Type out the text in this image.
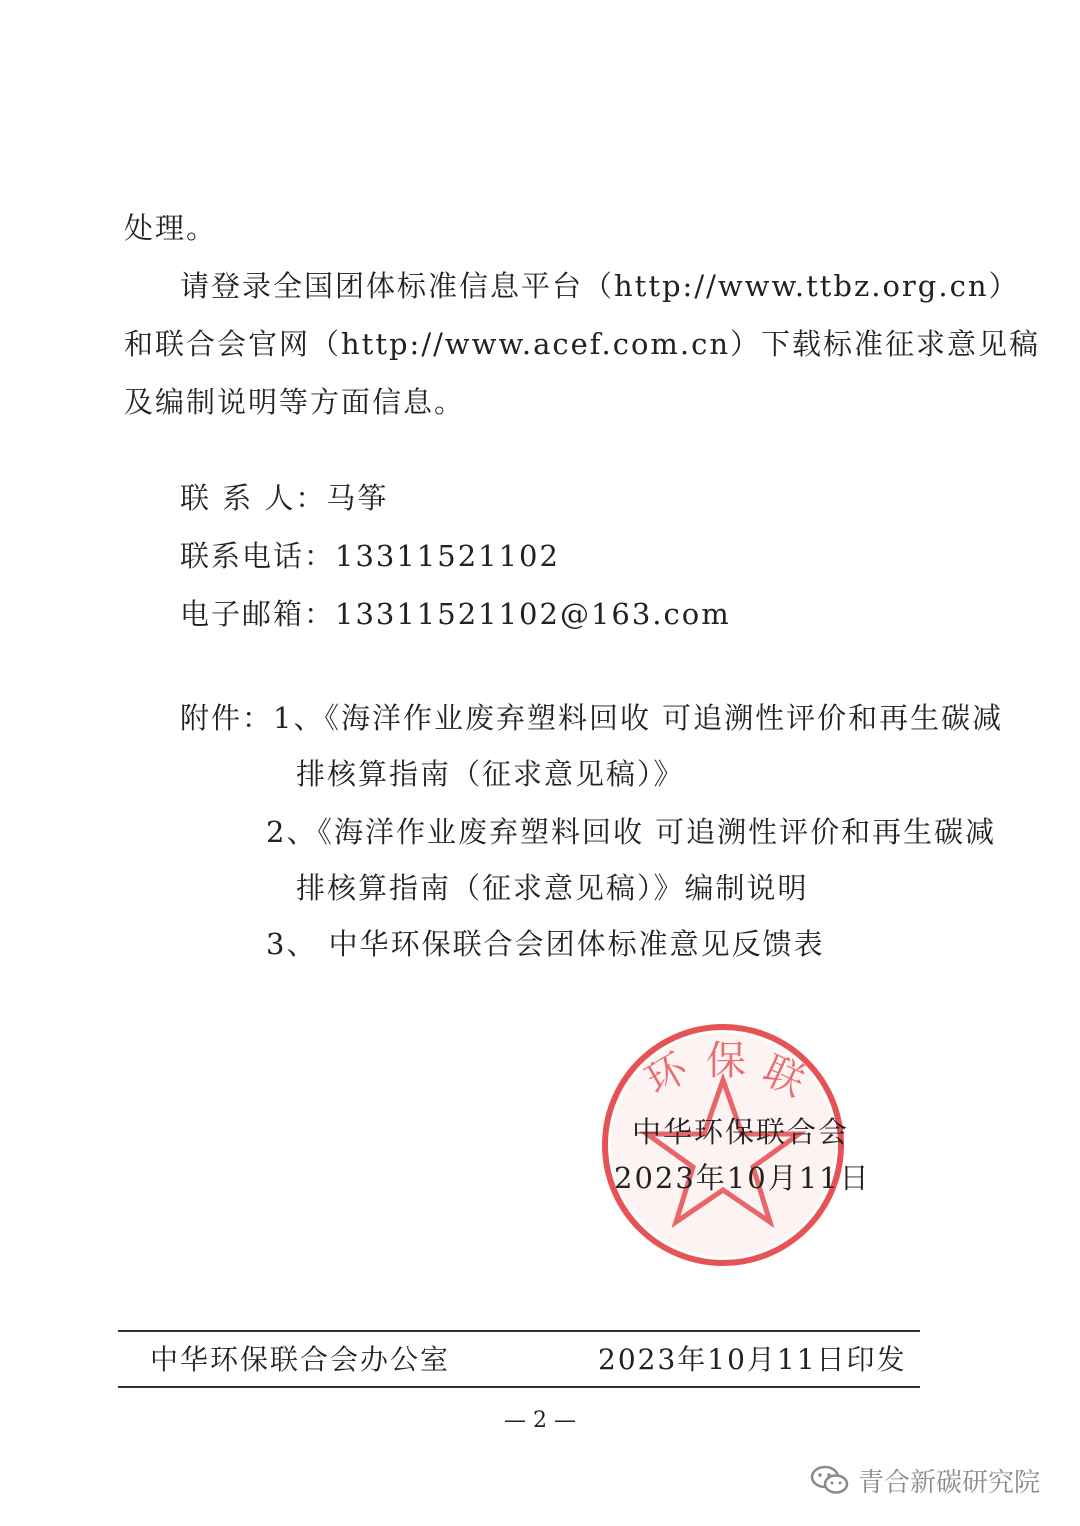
处理。
请登录全国团体标准信息平台（http://www.ttbz.org.cn）
和联合会官网（http://www.acef.com.cn）下载标准征求意见稿
及编制说明等方面信息。
联 系 人：马筝
联系电话：13311521102
电子邮箱：13311521102@163.com
附件：1、《海洋作业废弃塑料回收 可追溯性评价和再生碳减
排核算指南（征求意见稿）》
2、《海洋作业废弃塑料回收 可追溯性评价和再生碳减
排核算指南（征求意见稿）》编制说明
3、 中华环保联合会团体标准意见反馈表
环 保 联
中华环保联合会
2023年10月11日
中华环保联合会办公室	2023年10月11日印发
— 2 —
青合新碳研究院
